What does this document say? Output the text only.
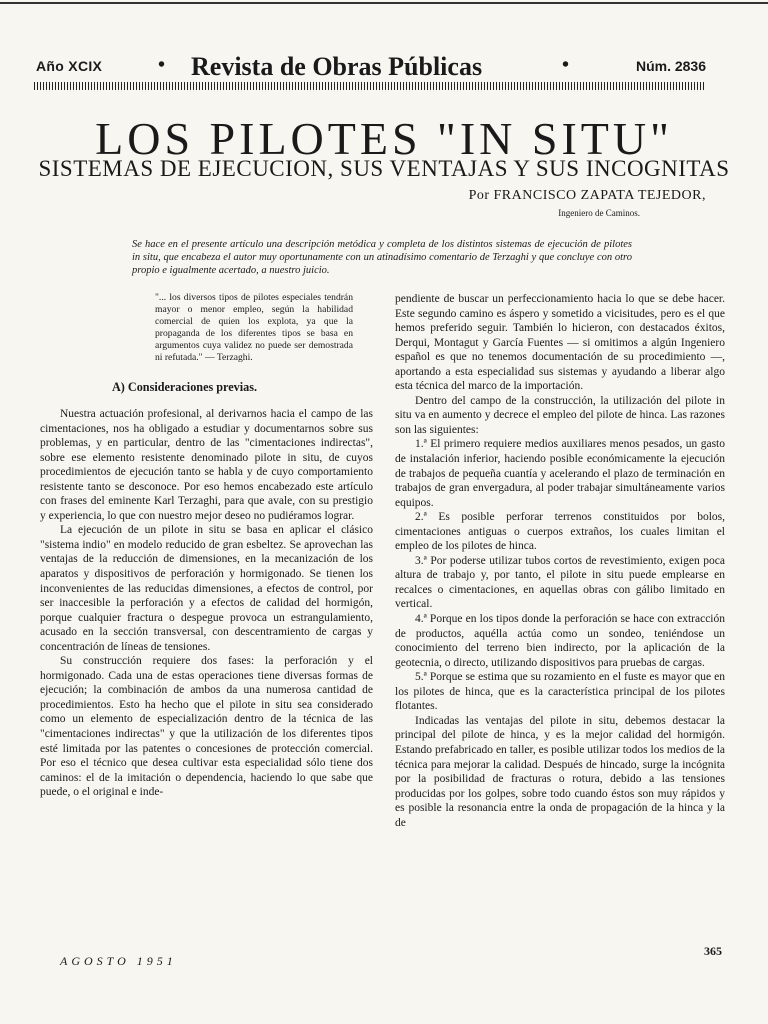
Año XCIX	• Revista de Obras Públicas	•	Núm. 2836
LOS PILOTES "IN SITU"
SISTEMAS DE EJECUCION, SUS VENTAJAS Y SUS INCOGNITAS
Por FRANCISCO ZAPATA TEJEDOR,
Ingeniero de Caminos.
Se hace en el presente artículo una descripción metódica y completa de los distintos sistemas de ejecución de pilotes in situ, que encabeza el autor muy oportunamente con un atinadísimo comentario de Terzaghi y que concluye con otro propio e igualmente acertado, a nuestro juicio.
"... los diversos tipos de pilotes especiales tendrán mayor o menor empleo, según la habilidad comercial de quien los explota, ya que la propaganda de los diferentes tipos se basa en argumentos cuya validez no puede ser demostrada ni refutada." — Terzaghi.
A) Consideraciones previas.

Nuestra actuación profesional, al derivarnos hacia el campo de las cimentaciones, nos ha obligado a estudiar y documentarnos sobre sus problemas, y en particular, dentro de las "cimentaciones indirectas", sobre ese elemento resistente denominado pilote in situ, de cuyos procedimientos de ejecución tanto se habla y de cuyo comportamiento resistente tanto se desconoce. Por eso hemos encabezado este artículo con frases del eminente Karl Terzaghi, para que avale, con su prestigio y experiencia, lo que con nuestro mejor deseo no pudiéramos lograr.

La ejecución de un pilote in situ se basa en aplicar el clásico "sistema indio" en modelo reducido de gran esbeltez. Se aprovechan las ventajas de la reducción de dimensiones, en la mecanización de los aparatos y dispositivos de perforación y hormigonado. Se tienen los inconvenientes de las reducidas dimensiones, a efectos de control, por ser inaccesible la perforación y a efectos de calidad del hormigón, porque cualquier fractura o despegue provoca un estrangulamiento, acusado en la sección transversal, con descentramiento de cargas y concentración de líneas de tensiones.

Su construcción requiere dos fases: la perforación y el hormigonado. Cada una de estas operaciones tiene diversas formas de ejecución; la combinación de ambos da una numerosa cantidad de procedimientos. Esto ha hecho que el pilote in situ sea considerado como un elemento de especialización dentro de la técnica de las "cimentaciones indirectas" y que la utilización de los diferentes tipos esté limitada por las patentes o concesiones de protección comercial. Por eso el técnico que desea cultivar esta especialidad sólo tiene dos caminos: el de la imitación o dependencia, haciendo lo que sabe que puede, o el original e inde-

pendiente de buscar un perfeccionamiento hacia lo que se debe hacer. Este segundo camino es áspero y sometido a vicisitudes, pero es el que hemos preferido seguir. También lo hicieron, con destacados éxitos, Derqui, Montagut y García Fuentes — si omitimos a algún Ingeniero español es que no tenemos documentación de su procedimiento —, aportando a esta especialidad sus sistemas y ayudando a liberar algo esta técnica del marco de la importación.

Dentro del campo de la construcción, la utilización del pilote in situ va en aumento y decrece el empleo del pilote de hinca. Las razones son las siguientes:

1.ª El primero requiere medios auxiliares menos pesados, un gasto de instalación inferior, haciendo posible económicamente la ejecución de trabajos de pequeña cuantía y acelerando el plazo de terminación en trabajos de gran envergadura, al poder trabajar simultáneamente varios equipos.

2.ª Es posible perforar terrenos constituidos por bolos, cimentaciones antiguas o cuerpos extraños, los cuales limitan el empleo de los pilotes de hinca.

3.ª Por poderse utilizar tubos cortos de revestimiento, exigen poca altura de trabajo y, por tanto, el pilote in situ puede emplearse en recalces o cimentaciones, en aquellas obras con gálibo limitado en vertical.

4.ª Porque en los tipos donde la perforación se hace con extracción de productos, aquélla actúa como un sondeo, teniéndose un conocimiento del terreno bien indirecto, por la aplicación de la geotecnia, o directo, utilizando dispositivos para pruebas de cargas.

5.ª Porque se estima que su rozamiento en el fuste es mayor que en los pilotes de hinca, que es la característica principal de los pilotes flotantes.

Indicadas las ventajas del pilote in situ, debemos destacar la principal del pilote de hinca, y es la mejor calidad del hormigón. Estando prefabricado en taller, es posible utilizar todos los medios de la técnica para mejorar la calidad. Después de hincado, surge la incógnita por la posibilidad de fracturas o rotura, debido a las tensiones producidas por los golpes, sobre todo cuando éstos son muy rápidos y es posible la resonancia entre la onda de propagación de la hinca y la de

AGOSTO 1951
365
